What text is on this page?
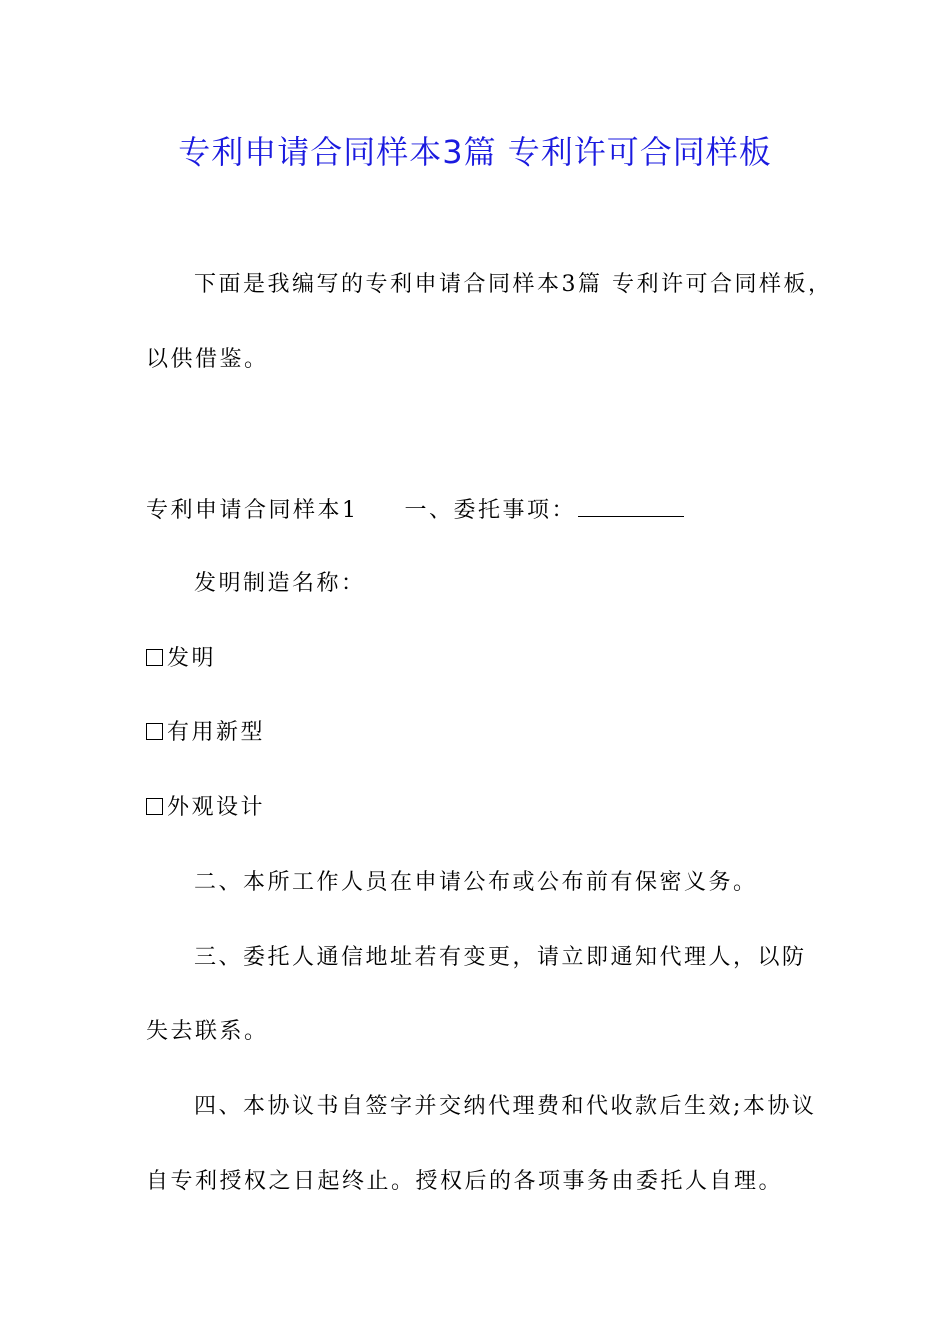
专利申请合同样本3篇 专利许可合同样板
下面是我编写的专利申请合同样本3篇 专利许可合同样板，
以供借鉴。
专利申请合同样本1 一、委托事项：
发明制造名称：
发明
有用新型
外观设计
二、本所工作人员在申请公布或公布前有保密义务。
三、委托人通信地址若有变更，请立即通知代理人，以防
失去联系。
四、本协议书自签字并交纳代理费和代收款后生效;本协议
自专利授权之日起终止。授权后的各项事务由委托人自理。
